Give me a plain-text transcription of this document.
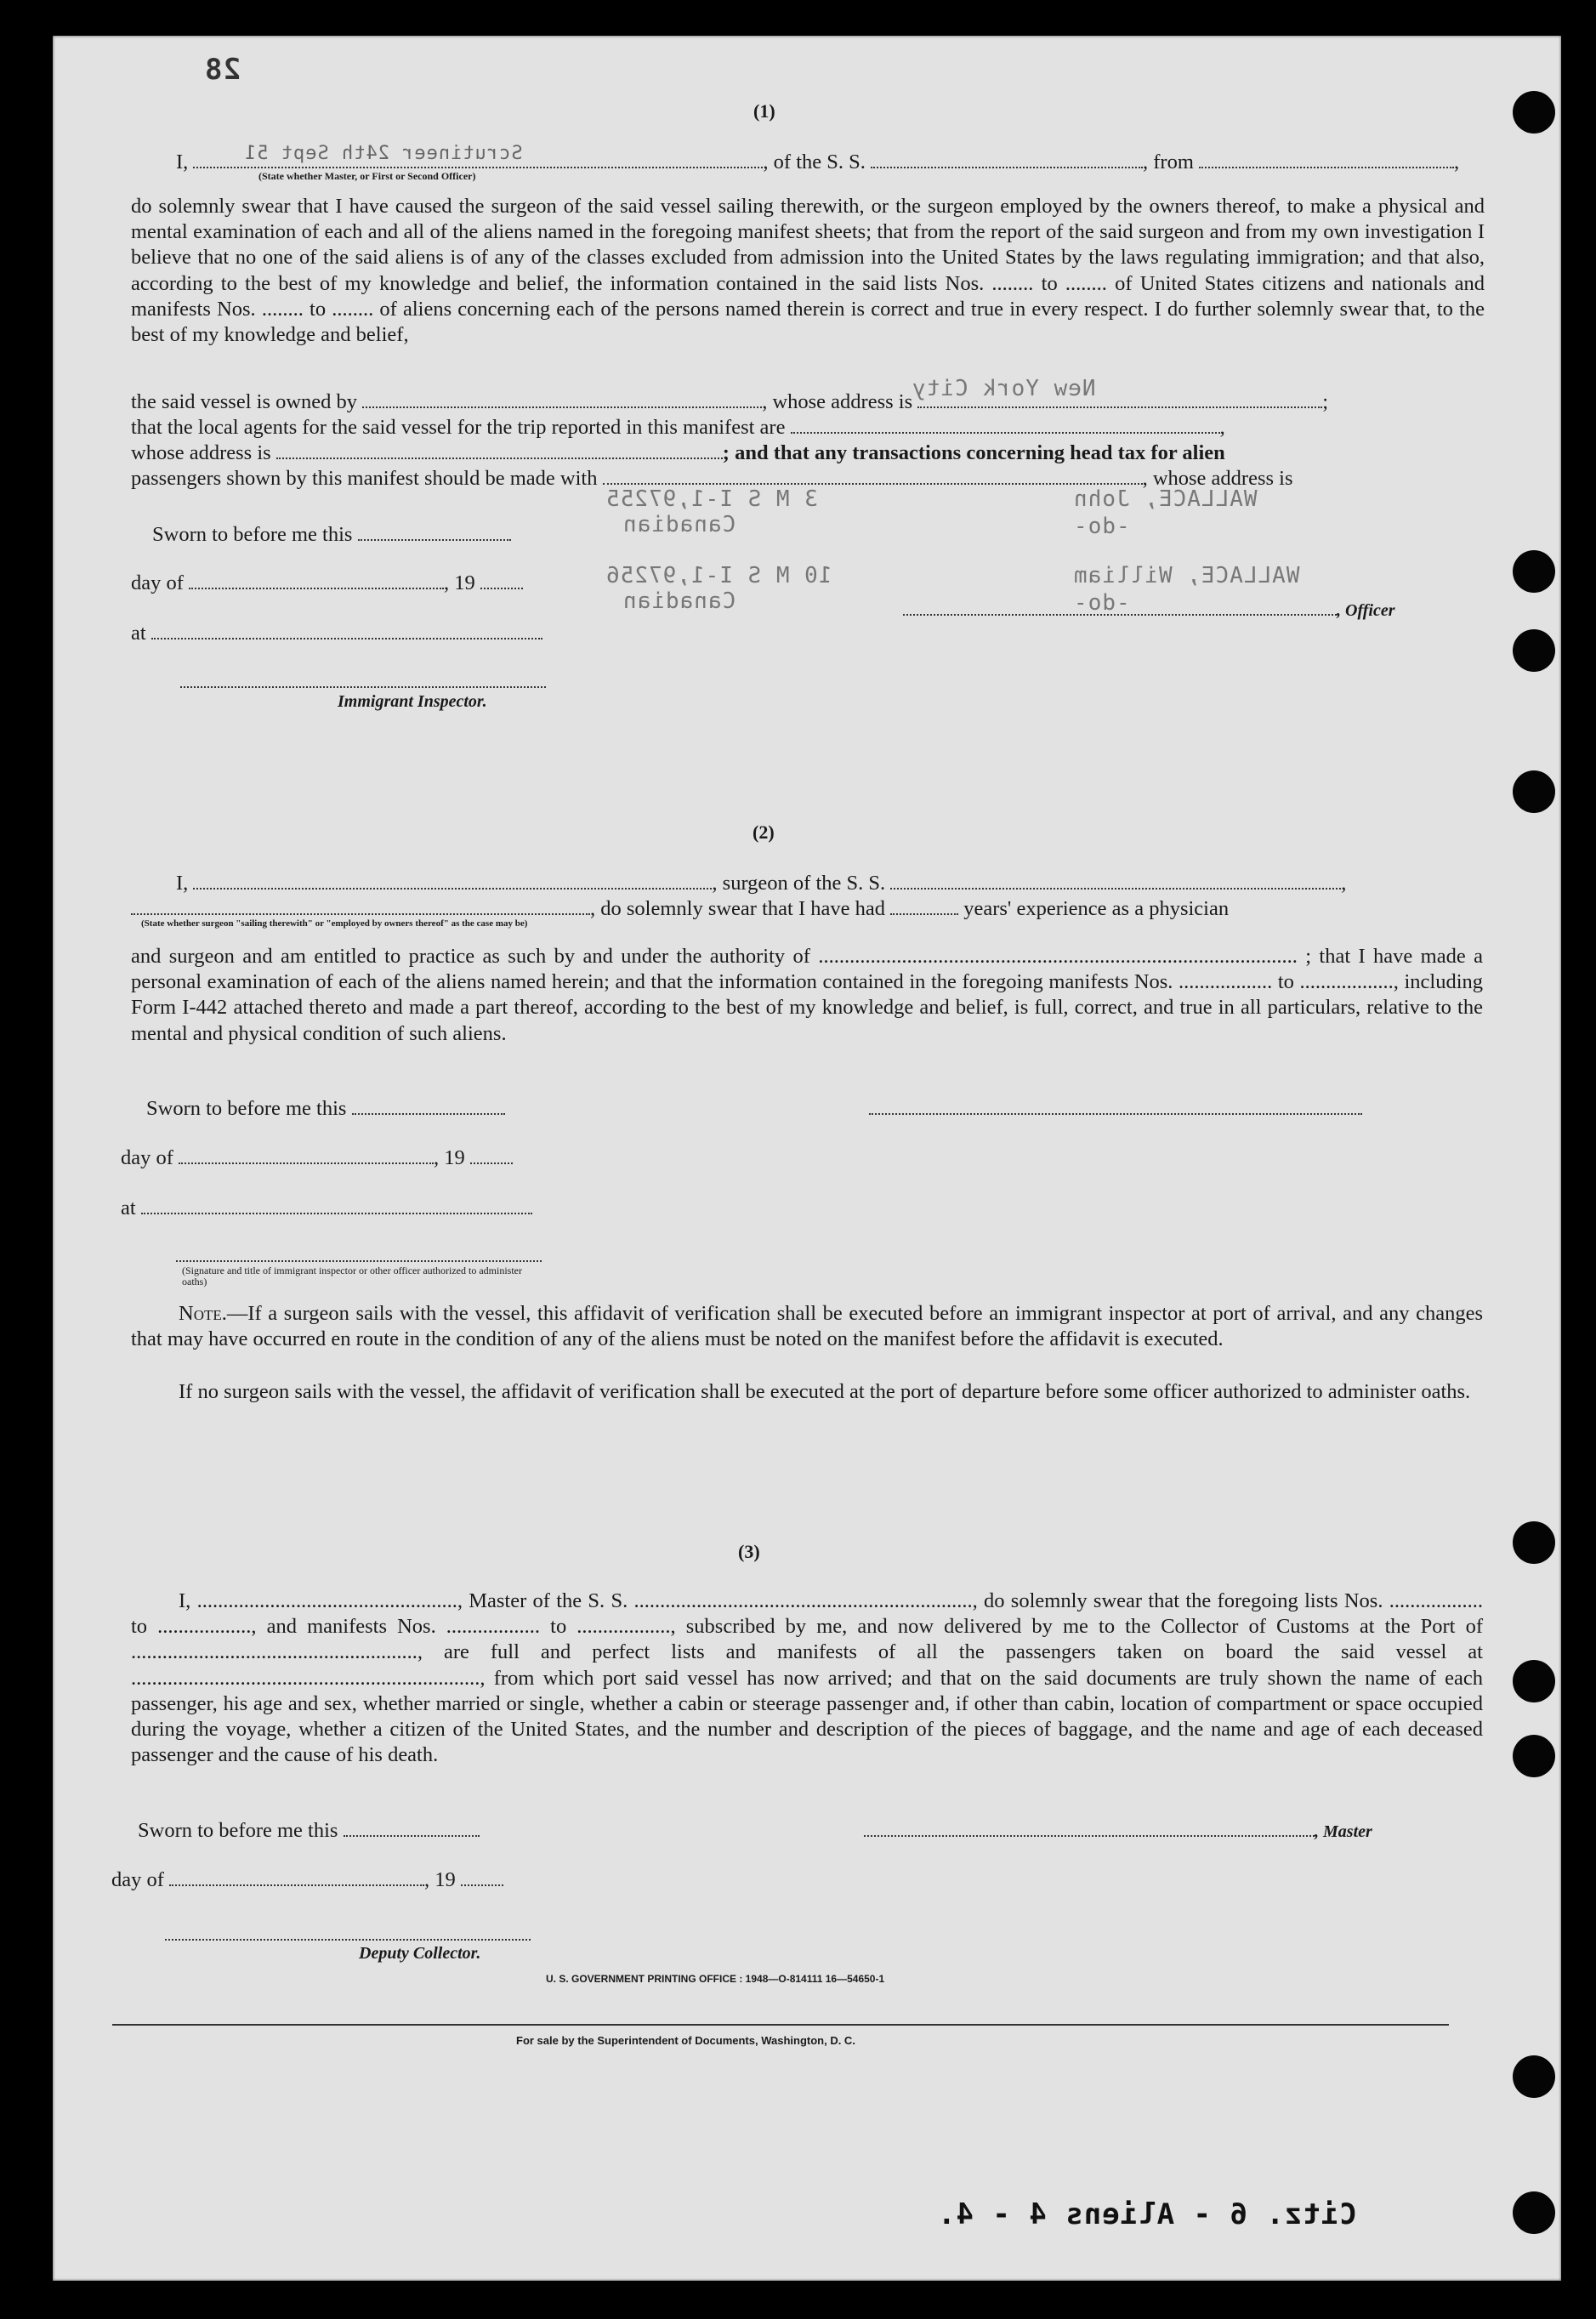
28
New York City
WALLACE, John
3 M S I-1,97255
Canadian	-do-
WALLACE, William
10 M S I-1,97256
Canadian	-do-
(1)
I,	Scrutineer 24th Sept 51	, of the S. S.	, from	,
(State whether Master, or First or Second Officer)
do solemnly swear that I have caused the surgeon of the said vessel sailing therewith, or the surgeon employed by the owners thereof, to make a physical and mental examination of each and all of the aliens named in the foregoing manifest sheets; that from the report of the said surgeon and from my own investigation I believe that no one of the said aliens is of any of the classes excluded from admission into the United States by the laws regulating immigration; and that also, according to the best of my knowledge and belief, the information contained in the said lists Nos. ........ to ........ of United States citizens and nationals and manifests Nos. ........ to ........ of aliens concerning each of the persons named therein is correct and true in every respect. I do further solemnly swear that, to the best of my knowledge and belief,
the said vessel is owned by	, whose address is	;
that the local agents for the said vessel for the trip reported in this manifest are	,
whose address is	; and that any transactions concerning head tax for alien
passengers shown by this manifest should be made with	, whose address is
Sworn to before me this
day of	, 19
at
Immigrant Inspector.
, Officer
(2)
I,	, surgeon of the S. S.	,
, do solemnly swear that I have had	years' experience as a physician
(State whether surgeon "sailing therewith" or "employed by owners thereof" as the case may be)
and surgeon and am entitled to practice as such by and under the authority of ............................................................................................ ; that I have made a personal examination of each of the aliens named herein; and that the information contained in the foregoing manifests Nos. .................. to .................., including Form I-442 attached thereto and made a part thereof, according to the best of my knowledge and belief, is full, correct, and true in all particulars, relative to the mental and physical condition of such aliens.
Sworn to before me this
day of	, 19
at
(Signature and title of immigrant inspector or other officer authorized to administer oaths)
Note.—If a surgeon sails with the vessel, this affidavit of verification shall be executed before an immigrant inspector at port of arrival, and any changes that may have occurred en route in the condition of any of the aliens must be noted on the manifest before the affidavit is executed.
If no surgeon sails with the vessel, the affidavit of verification shall be executed at the port of departure before some officer authorized to administer oaths.
(3)
I, .................................................., Master of the S. S. ................................................................., do solemnly swear that the foregoing lists Nos. .................. to .................., and manifests Nos. .................. to .................., subscribed by me, and now delivered by me to the Collector of Customs at the Port of ......................................................., are full and perfect lists and manifests of all the passengers taken on board the said vessel at ..................................................................., from which port said vessel has now arrived; and that on the said documents are truly shown the name of each passenger, his age and sex, whether married or single, whether a cabin or steerage passenger and, if other than cabin, location of compartment or space occupied during the voyage, whether a citizen of the United States, and the number and description of the pieces of baggage, and the name and age of each deceased passenger and the cause of his death.
Sworn to before me this	, Master
day of	, 19
Deputy Collector.
U. S. GOVERNMENT PRINTING OFFICE : 1948—O-814111 16—54650-1
For sale by the Superintendent of Documents, Washington, D. C.
Citz. 6 - Aliens 4 - 4.
